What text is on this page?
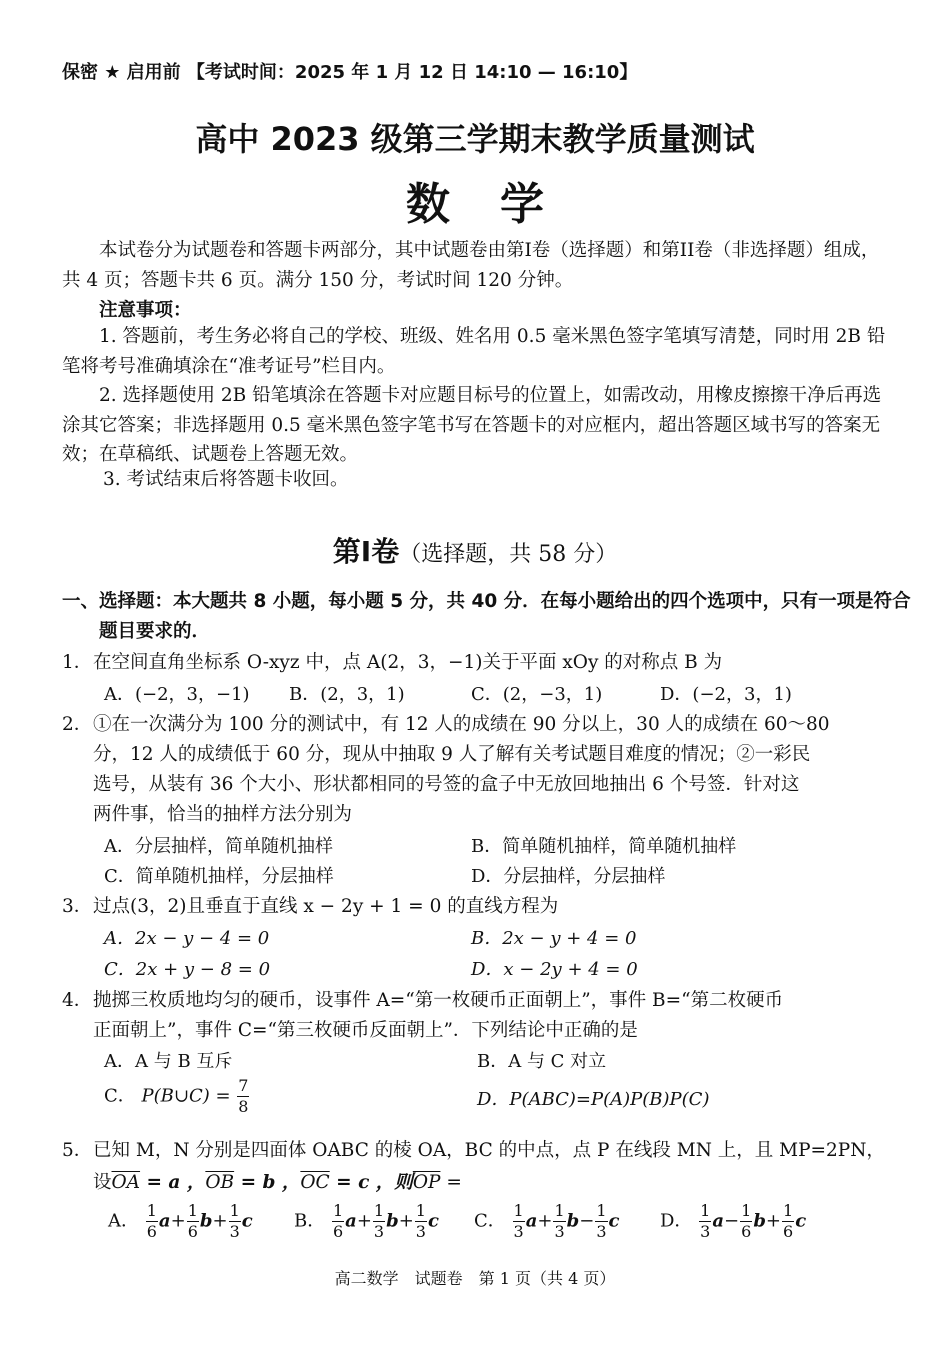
保密 ★ 启用前 【考试时间：2025 年 1 月 12 日 14:10 — 16:10】
高中 2023 级第三学期末教学质量测试
数学
本试卷分为试题卷和答题卡两部分，其中试题卷由第I卷（选择题）和第II卷（非选择题）组成，共 4 页；答题卡共 6 页。满分 150 分，考试时间 120 分钟。
注意事项：
1. 答题前，考生务必将自己的学校、班级、姓名用 0.5 毫米黑色签字笔填写清楚，同时用 2B 铅笔将考号准确填涂在“准考证号”栏目内。
2. 选择题使用 2B 铅笔填涂在答题卡对应题目标号的位置上，如需改动，用橡皮擦擦干净后再选涂其它答案；非选择题用 0.5 毫米黑色签字笔书写在答题卡的对应框内，超出答题区域书写的答案无效；在草稿纸、试题卷上答题无效。
3. 考试结束后将答题卡收回。
第I卷（选择题，共 58 分）
一、选择题：本大题共 8 小题，每小题 5 分，共 40 分．在每小题给出的四个选项中，只有一项是符合题目要求的．
1． 在空间直角坐标系 O-xyz 中，点 A(2，3，−1)关于平面 xOy 的对称点 B 为
A．(−2，3，−1) B．(2，3，1)	C．(2，−3，1)	D．(−2，3，1)
2． ①在一次满分为 100 分的测试中，有 12 人的成绩在 90 分以上，30 人的成绩在 60～80
分，12 人的成绩低于 60 分，现从中抽取 9 人了解有关考试题目难度的情况；②一彩民
选号，从装有 36 个大小、形状都相同的号签的盒子中无放回地抽出 6 个号签．针对这
两件事，恰当的抽样方法分别为
A．分层抽样，简单随机抽样	B．简单随机抽样，简单随机抽样
C．简单随机抽样，分层抽样	D．分层抽样，分层抽样
3． 过点(3，2)且垂直于直线 x − 2y + 1 = 0 的直线方程为
A．2x − y − 4 = 0	B．2x − y + 4 = 0
C．2x + y − 8 = 0	D．x − 2y + 4 = 0
4． 抛掷三枚质地均匀的硬币，设事件 A=“第一枚硬币正面朝上”，事件 B=“第二枚硬币
正面朝上”，事件 C=“第三枚硬币反面朝上”．下列结论中正确的是
A．A 与 B 互斥	B．A 与 C 对立
C． P(B∪C) = $\frac{7}{8}$	D．P(ABC)=P(A)P(B)P(C)
5． 已知 M，N 分别是四面体 OABC 的棱 OA，BC 的中点，点 P 在线段 MN 上，且 MP=2PN，
设$\overline{OA} = a$ ，$\overline{OB} = b$ ，$\overline{OC} = c$ ，则$\overline{OP}$ =
A． $\frac{1}{6} a+ \frac{1}{6} b+ \frac{1}{3}$ c B． $\frac{1}{6} a+ \frac{1}{3} b+ \frac{1}{3}$ c C． $\frac{1}{3} a+ \frac{1}{3} b- \frac{1}{3}$ c D． $\frac{1}{3} a- \frac{1}{6} b+ \frac{1}{6}$ c
高二数学　试题卷　第 1 页（共 4 页）
